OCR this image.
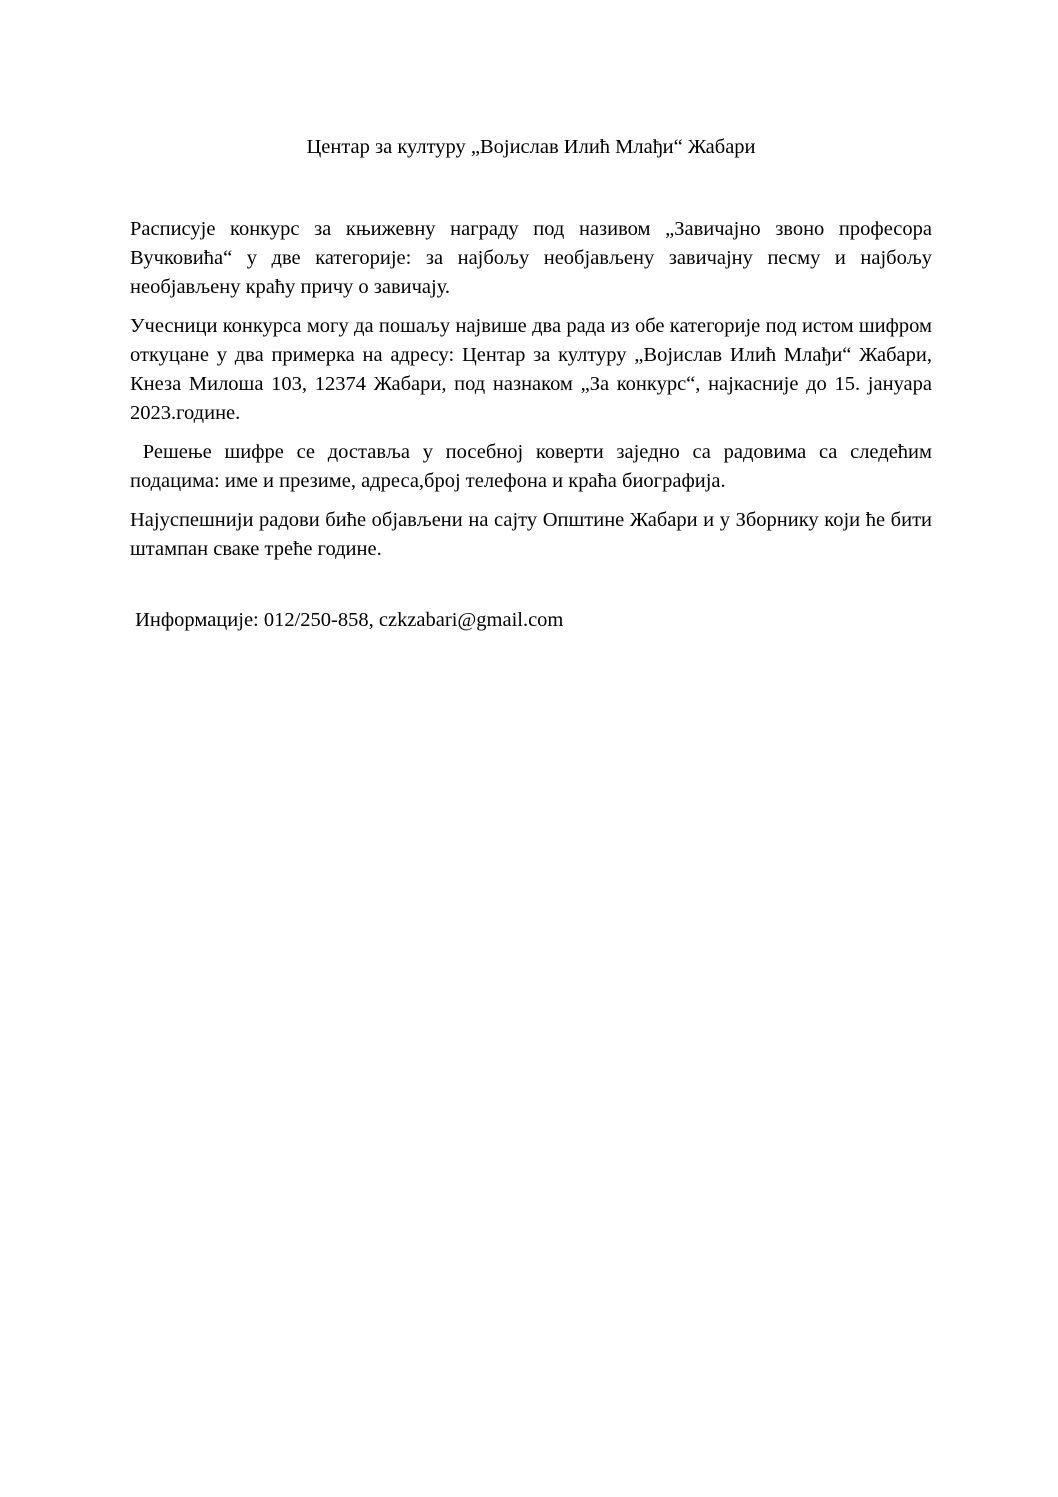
Центар за културу „Војислав Илић Млађи“ Жабари

Расписује конкурс за књижевну награду под називом „Завичајно звоно професора Вучковића“ у две категорије: за најбољу необјављену завичајну песму и најбољу необјављену краћу причу о завичају.

Учесници конкурса могу да пошаљу највише два рада из обе категорије под истом шифром откуцане у два примерка на адресу: Центар за културу „Војислав Илић Млађи“ Жабари, Кнеза Милоша 103, 12374 Жабари, под назнаком „За конкурс“, најкасније до 15. јануара 2023.године.

Решење шифре се доставља у посебној коверти заједно са радовима са следећим подацима: име и презиме, адреса,број телефона и краћа биографија.

Најуспешнији радови биће објављени на сајту Општине Жабари и у Зборнику који ће бити штампан сваке треће године.

Информације: 012/250-858, czkzabari@gmail.com
